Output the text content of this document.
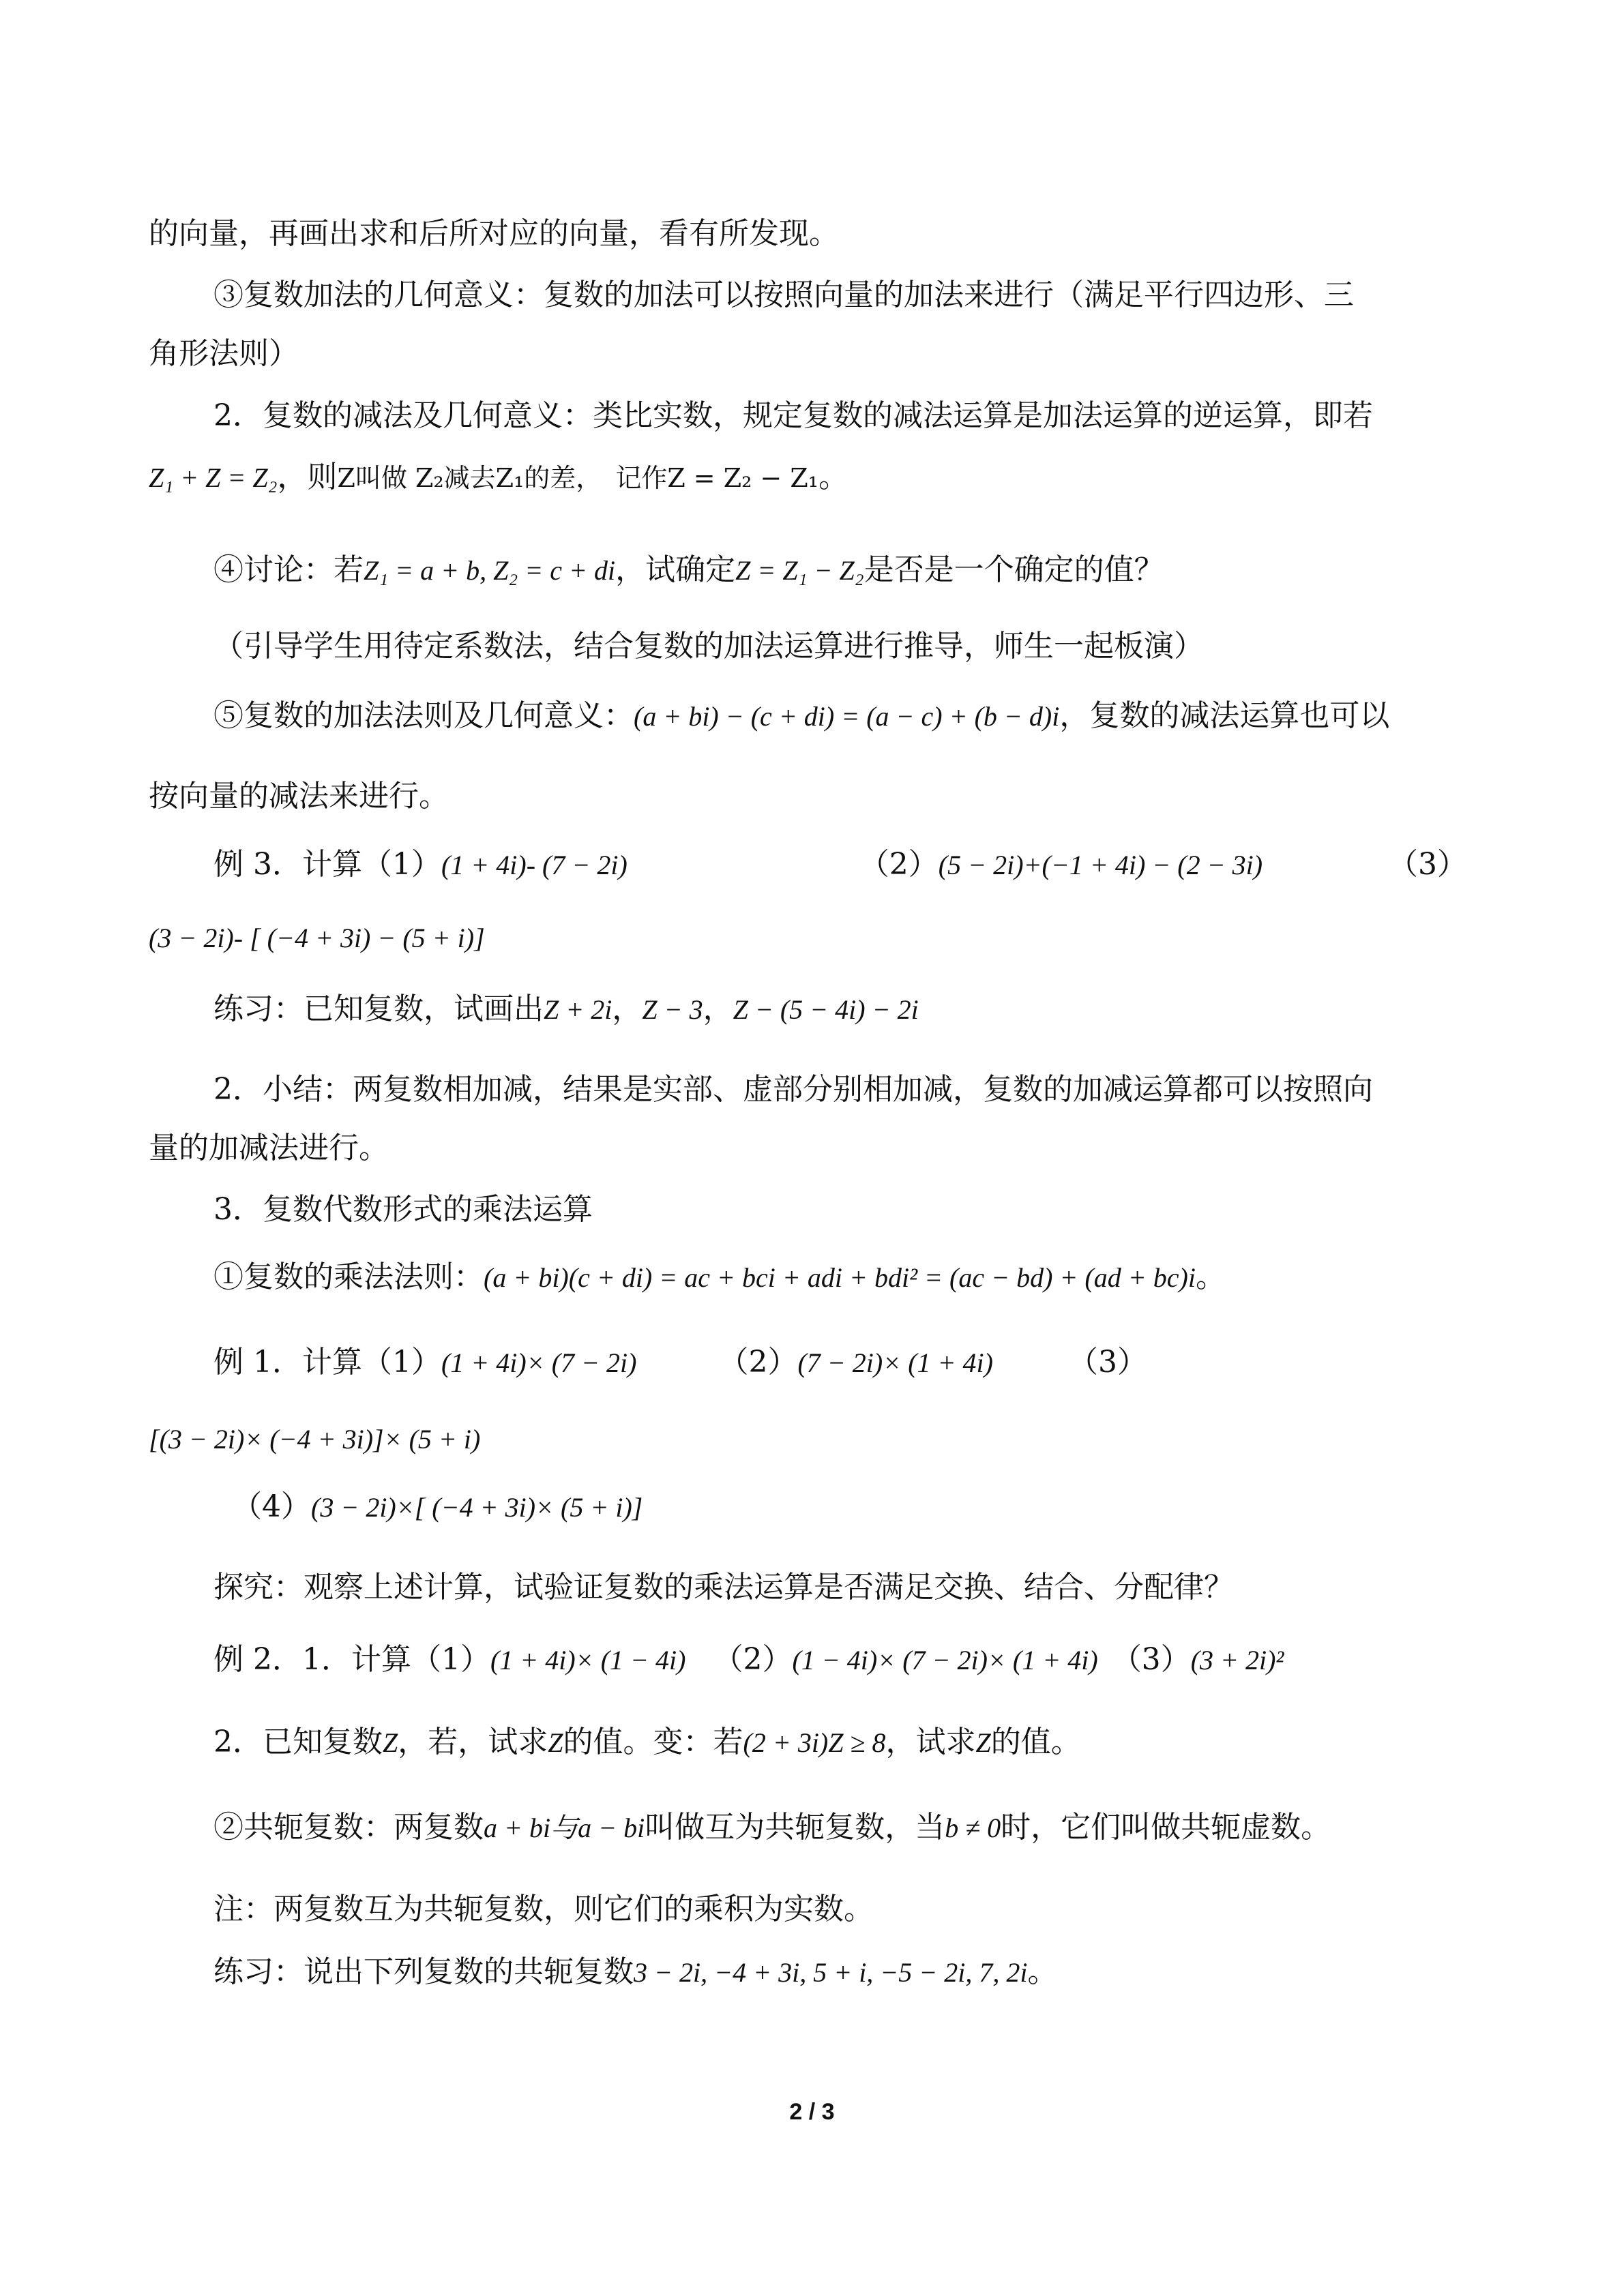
的向量，再画出求和后所对应的向量，看有所发现。
③复数加法的几何意义：复数的加法可以按照向量的加法来进行（满足平行四边形、三
角形法则）
2．复数的减法及几何意义：类比实数，规定复数的减法运算是加法运算的逆运算，即若
Z₁ + Z = Z₂，则Z叫做 Z₂减去Z₁的差， 记作Z = Z₂ − Z₁。
④讨论：若Z₁ = a + b, Z₂ = c + di，试确定Z = Z₁ − Z₂是否是一个确定的值？
（引导学生用待定系数法，结合复数的加法运算进行推导，师生一起板演）
⑤复数的加法法则及几何意义：(a + bi) − (c + di) = (a − c) + (b − d)i，复数的减法运算也可以
按向量的减法来进行。
例 3．计算（1）(1 + 4i)- (7 − 2i)	（2）(5 − 2i)+(−1 + 4i) − (2 − 3i)	（3）
(3 − 2i)- [ (−4 + 3i) − (5 + i)]
练习：已知复数，试画出Z + 2i，Z − 3，Z − (5 − 4i) − 2i
2．小结：两复数相加减，结果是实部、虚部分别相加减，复数的加减运算都可以按照向
量的加减法进行。
3．复数代数形式的乘法运算
①复数的乘法法则：(a + bi)(c + di) = ac + bci + adi + bdi² = (ac − bd) + (ad + bc)i。
例 1．计算（1）(1 + 4i)× (7 − 2i)	（2）(7 − 2i)× (1 + 4i)	（3）
[(3 − 2i)× (−4 + 3i)]× (5 + i)
（4）(3 − 2i)×[ (−4 + 3i)× (5 + i)]
探究：观察上述计算，试验证复数的乘法运算是否满足交换、结合、分配律？
例 2．1．计算（1）(1 + 4i)× (1 − 4i) （2）(1 − 4i)× (7 − 2i)× (1 + 4i) （3）(3 + 2i)²
2．已知复数Z，若，试求Z的值。变：若(2 + 3i)Z ≥ 8，试求Z的值。
②共轭复数：两复数a + bi与a − bi叫做互为共轭复数，当b ≠ 0时，它们叫做共轭虚数。
注：两复数互为共轭复数，则它们的乘积为实数。
练习：说出下列复数的共轭复数3 − 2i, −4 + 3i, 5 + i, −5 − 2i, 7, 2i。
2 / 3
